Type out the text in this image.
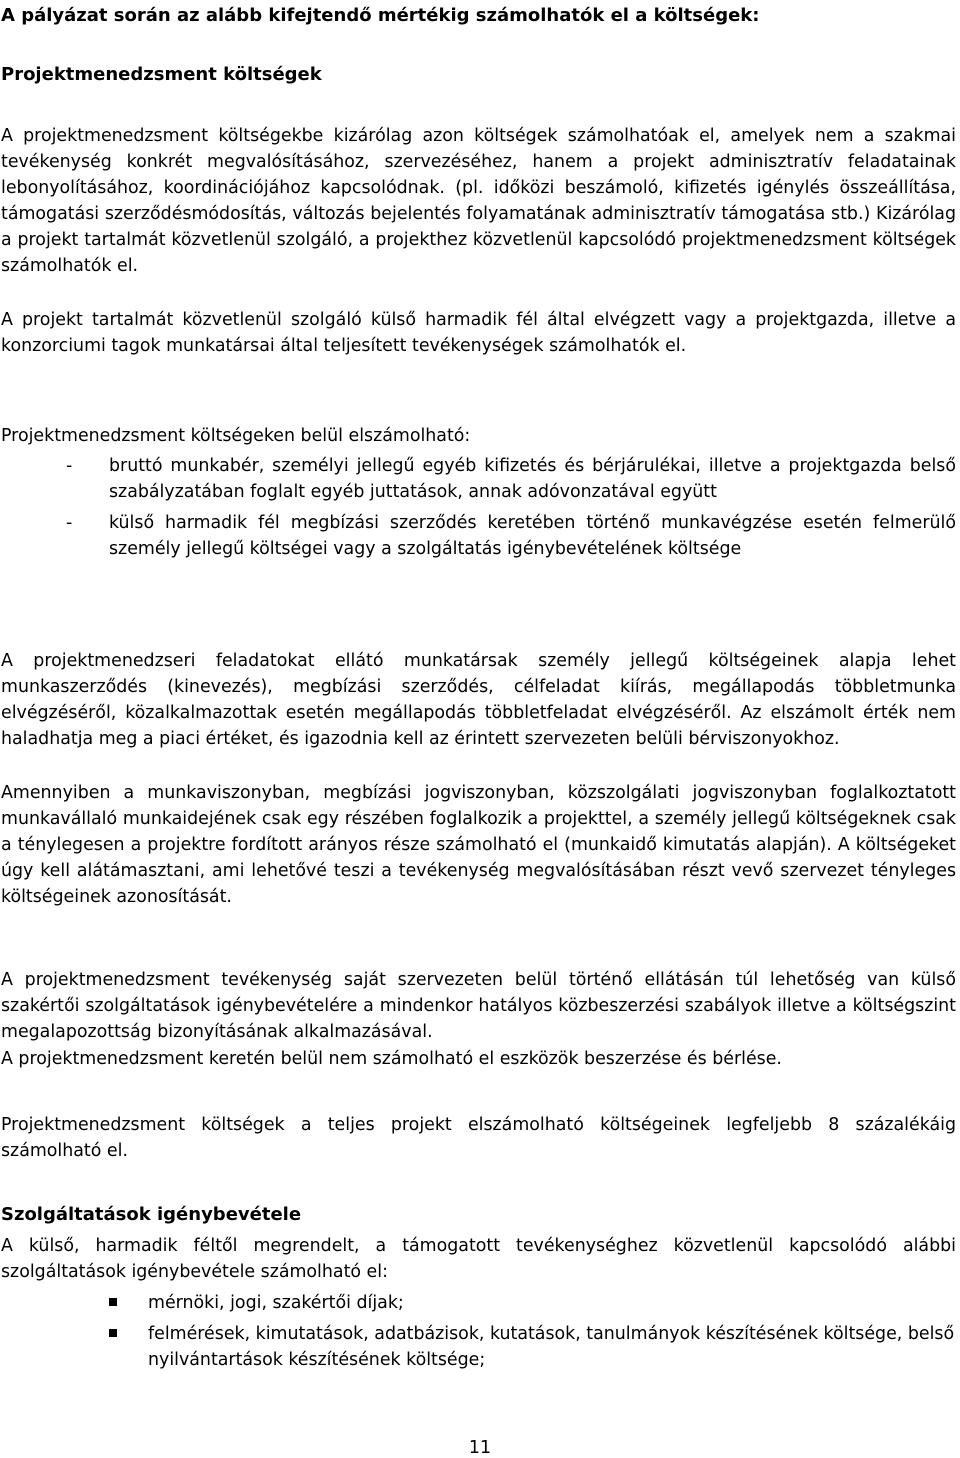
A pályázat során az alább kifejtendő mértékig számolhatók el a költségek:
Projektmenedzsment költségek

A projektmenedzsment költségekbe kizárólag azon költségek számolhatóak el, amelyek nem a szakmai tevékenység konkrét megvalósításához, szervezéséhez, hanem a projekt adminisztratív feladatainak lebonyolításához, koordinációjához kapcsolódnak. (pl. időközi beszámoló, kifizetés igénylés összeállítása, támogatási szerződésmódosítás, változás bejelentés folyamatának adminisztratív támogatása stb.) Kizárólag a projekt tartalmát közvetlenül szolgáló, a projekthez közvetlenül kapcsolódó projektmenedzsment költségek számolhatók el.

A projekt tartalmát közvetlenül szolgáló külső harmadik fél által elvégzett vagy a projektgazda, illetve a konzorciumi tagok munkatársai által teljesített tevékenységek számolhatók el.

Projektmenedzsment költségeken belül elszámolható:

- bruttó munkabér, személyi jellegű egyéb kifizetés és bérjárulékai, illetve a projektgazda belső szabályzatában foglalt egyéb juttatások, annak adóvonzatával együtt
- külső harmadik fél megbízási szerződés keretében történő munkavégzése esetén felmerülő személy jellegű költségei vagy a szolgáltatás igénybevételének költsége

A projektmenedzseri feladatokat ellátó munkatársak személy jellegű költségeinek alapja lehet munkaszerződés (kinevezés), megbízási szerződés, célfeladat kiírás, megállapodás többletmunka elvégzéséről, közalkalmazottak esetén megállapodás többletfeladat elvégzéséről. Az elszámolt érték nem haladhatja meg a piaci értéket, és igazodnia kell az érintett szervezeten belüli bérviszonyokhoz.

Amennyiben a munkaviszonyban, megbízási jogviszonyban, közszolgálati jogviszonyban foglalkoztatott munkavállaló munkaidejének csak egy részében foglalkozik a projekttel, a személy jellegű költségeknek csak a ténylegesen a projektre fordított arányos része számolható el (munkaidő kimutatás alapján). A költségeket úgy kell alátámasztani, ami lehetővé teszi a tevékenység megvalósításában részt vevő szervezet tényleges költségeinek azonosítását.

A projektmenedzsment tevékenység saját szervezeten belül történő ellátásán túl lehetőség van külső szakértői szolgáltatások igénybevételére a mindenkor hatályos közbeszerzési szabályok illetve a költségszint megalapozottság bizonyításának alkalmazásával.

A projektmenedzsment keretén belül nem számolható el eszközök beszerzése és bérlése.

Projektmenedzsment költségek a teljes projekt elszámolható költségeinek legfeljebb 8 százalékáig számolható el.

Szolgáltatások igénybevétele

A külső, harmadik féltől megrendelt, a támogatott tevékenységhez közvetlenül kapcsolódó alábbi szolgáltatások igénybevétele számolható el:

mérnöki, jogi, szakértői díjak;
felmérések, kimutatások, adatbázisok, kutatások, tanulmányok készítésének költsége, belső nyilvántartások készítésének költsége;
11
